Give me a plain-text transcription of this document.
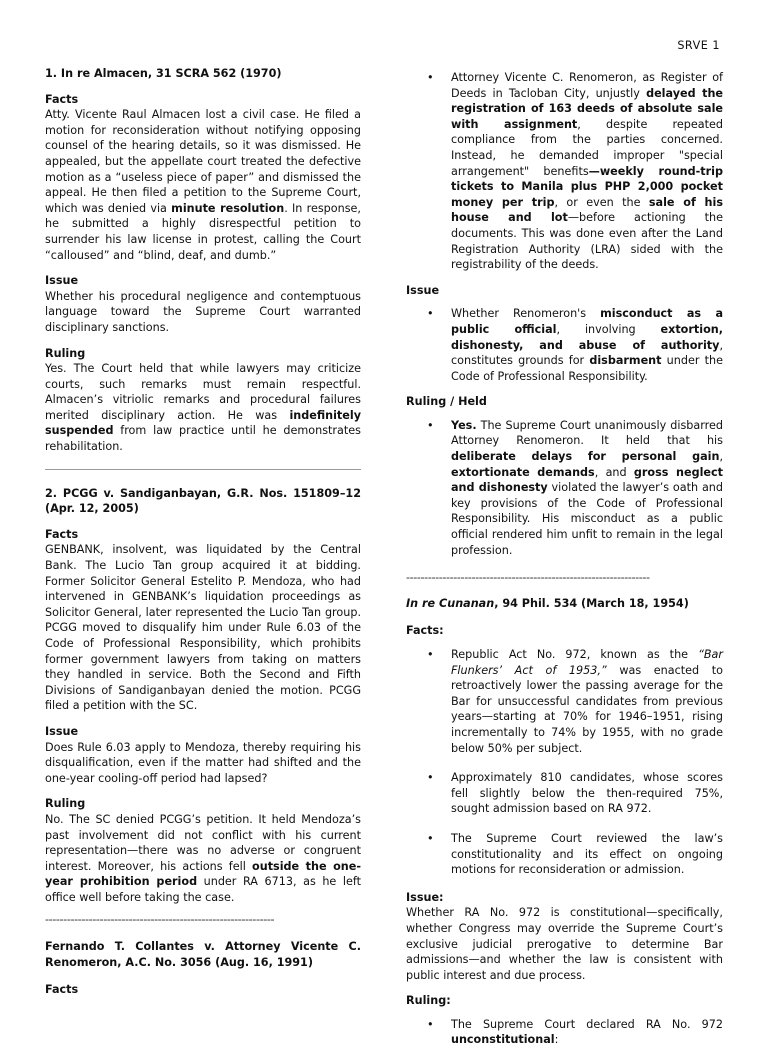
SRVE 1

1. In re Almacen, 31 SCRA 562 (1970)

Facts

Atty. Vicente Raul Almacen lost a civil case. He filed a motion for reconsideration without notifying opposing counsel of the hearing details, so it was dismissed. He appealed, but the appellate court treated the defective motion as a “useless piece of paper” and dismissed the appeal. He then filed a petition to the Supreme Court, which was denied via minute resolution. In response, he submitted a highly disrespectful petition to surrender his law license in protest, calling the Court “calloused” and “blind, deaf, and dumb.”

Issue

Whether his procedural negligence and contemptuous language toward the Supreme Court warranted disciplinary sanctions.

Ruling

Yes. The Court held that while lawyers may criticize courts, such remarks must remain respectful. Almacen’s vitriolic remarks and procedural failures merited disciplinary action. He was indefinitely suspended from law practice until he demonstrates rehabilitation.

2. PCGG v. Sandiganbayan, G.R. Nos. 151809–12 (Apr. 12, 2005)

Facts

GENBANK, insolvent, was liquidated by the Central Bank. The Lucio Tan group acquired it at bidding. Former Solicitor General Estelito P. Mendoza, who had intervened in GENBANK’s liquidation proceedings as Solicitor General, later represented the Lucio Tan group. PCGG moved to disqualify him under Rule 6.03 of the Code of Professional Responsibility, which prohibits former government lawyers from taking on matters they handled in service. Both the Second and Fifth Divisions of Sandiganbayan denied the motion. PCGG filed a petition with the SC.

Issue

Does Rule 6.03 apply to Mendoza, thereby requiring his disqualification, even if the matter had shifted and the one-year cooling-off period had lapsed?

Ruling

No. The SC denied PCGG’s petition. It held Mendoza’s past involvement did not conflict with his current representation—there was no adverse or congruent interest. Moreover, his actions fell outside the one-year prohibition period under RA 6713, as he left office well before taking the case.

---------------------------------------------------------------

Fernando T. Collantes v. Attorney Vicente C. Renomeron, A.C. No. 3056 (Aug. 16, 1991)

Facts
• Attorney Vicente C. Renomeron, as Register of Deeds in Tacloban City, unjustly delayed the registration of 163 deeds of absolute sale with assignment, despite repeated compliance from the parties concerned. Instead, he demanded improper "special arrangement" benefits—weekly round-trip tickets to Manila plus PHP 2,000 pocket money per trip, or even the sale of his house and lot—before actioning the documents. This was done even after the Land Registration Authority (LRA) sided with the registrability of the deeds.
Issue
• Whether Renomeron's misconduct as a public official, involving extortion, dishonesty, and abuse of authority, constitutes grounds for disbarment under the Code of Professional Responsibility.
Ruling / Held
• Yes. The Supreme Court unanimously disbarred Attorney Renomeron. It held that his deliberate delays for personal gain, extortionate demands, and gross neglect and dishonesty violated the lawyer’s oath and key provisions of the Code of Professional Responsibility. His misconduct as a public official rendered him unfit to remain in the legal profession.
-------------------------------------------------------------------

In re Cunanan, 94 Phil. 534 (March 18, 1954)

Facts:
• Republic Act No. 972, known as the “Bar Flunkers’ Act of 1953,” was enacted to retroactively lower the passing average for the Bar for unsuccessful candidates from previous years—starting at 70% for 1946–1951, rising incrementally to 74% by 1955, with no grade below 50% per subject.
• Approximately 810 candidates, whose scores fell slightly below the then-required 75%, sought admission based on RA 972.
• The Supreme Court reviewed the law’s constitutionality and its effect on ongoing motions for reconsideration or admission.
Issue:

Whether RA No. 972 is constitutional—specifically, whether Congress may override the Supreme Court’s exclusive judicial prerogative to determine Bar admissions—and whether the law is consistent with public interest and due process.

Ruling:
• The Supreme Court declared RA No. 972 unconstitutional:
